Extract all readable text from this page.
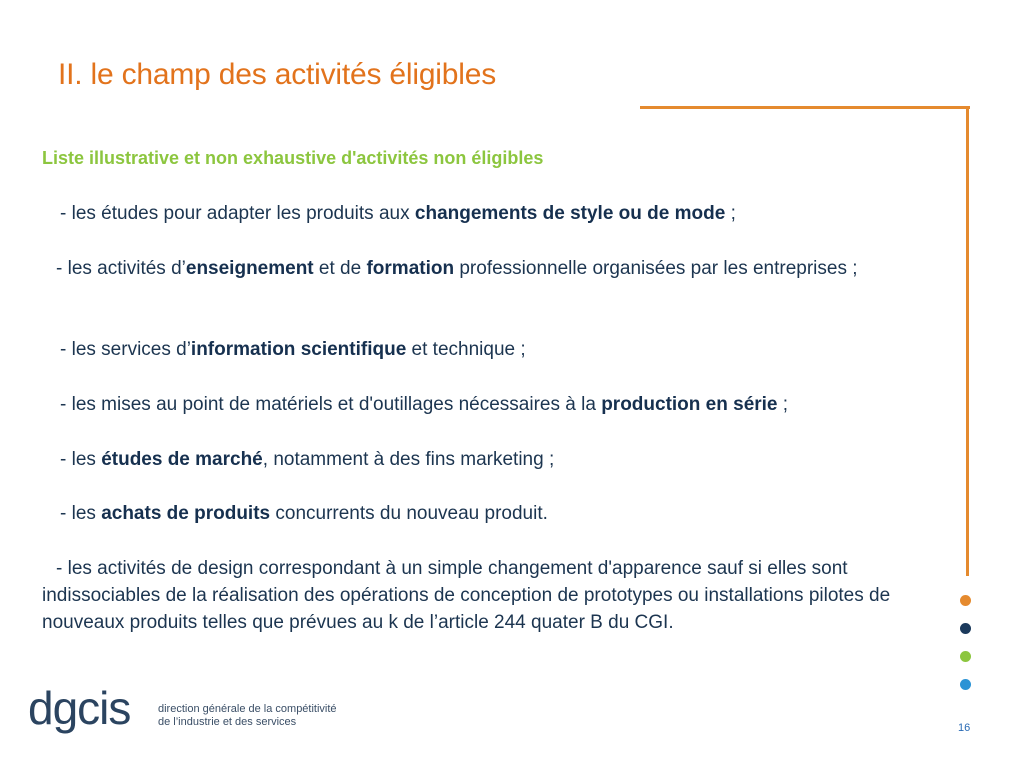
II. le champ des activités éligibles
Liste illustrative et non exhaustive d'activités non éligibles
- les études pour adapter les produits aux changements de style ou de mode ;
- les activités d’enseignement et de formation professionnelle organisées par les entreprises ;
- les services d’information scientifique et technique ;
- les mises au point de matériels et d'outillages nécessaires à la production en série ;
- les études de marché, notamment à des fins marketing ;
- les achats de produits concurrents du nouveau produit.
- les activités de design correspondant à un simple changement d'apparence sauf si elles sont indissociables de la réalisation des opérations de conception de prototypes ou installations pilotes de nouveaux produits telles que prévues au k de l’article 244 quater B du CGI.
dgcis	direction générale de la compétitivité
de l’industrie et des services	16
